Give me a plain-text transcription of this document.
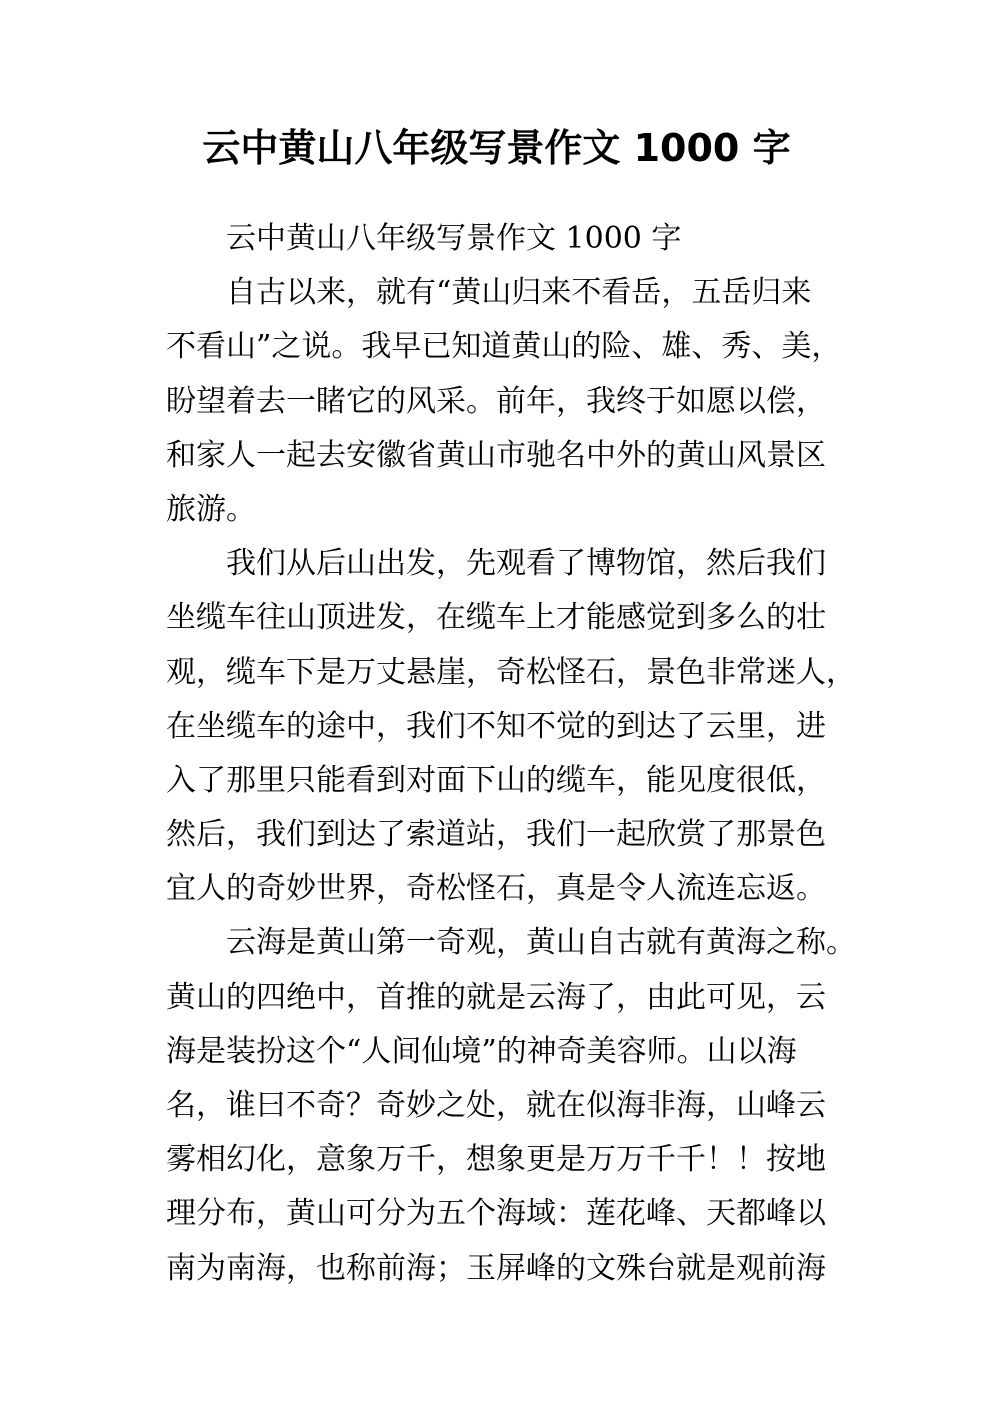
云中黄山八年级写景作文 1000 字
云中黄山八年级写景作文 1000 字
自古以来，就有“黄山归来不看岳，五岳归来
不看山”之说。我早已知道黄山的险、雄、秀、美，
盼望着去一睹它的风采。前年，我终于如愿以偿，
和家人一起去安徽省黄山市驰名中外的黄山风景区
旅游。
我们从后山出发，先观看了博物馆，然后我们
坐缆车往山顶进发，在缆车上才能感觉到多么的壮
观，缆车下是万丈悬崖，奇松怪石，景色非常迷人，
在坐缆车的途中，我们不知不觉的到达了云里，进
入了那里只能看到对面下山的缆车，能见度很低，
然后，我们到达了索道站，我们一起欣赏了那景色
宜人的奇妙世界，奇松怪石，真是令人流连忘返。
云海是黄山第一奇观，黄山自古就有黄海之称。
黄山的四绝中，首推的就是云海了，由此可见，云
海是装扮这个“人间仙境”的神奇美容师。山以海
名，谁曰不奇？奇妙之处，就在似海非海，山峰云
雾相幻化，意象万千，想象更是万万千千！！按地
理分布，黄山可分为五个海域：莲花峰、天都峰以
南为南海，也称前海；玉屏峰的文殊台就是观前海
